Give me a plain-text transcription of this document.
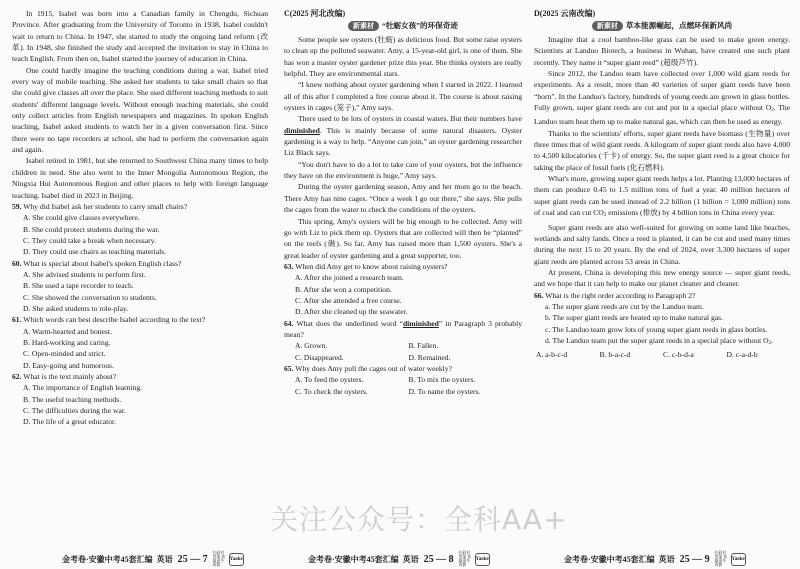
In 1915, Isabel was born into a Canadian family in Chengdu, Sichuan Province. After graduating from the University of Toronto in 1938, Isabel couldn't wait to return to China. In 1947, she started to study the ongoing land reform (改革). In 1948, she finished the study and accepted the invitation to stay in China to teach English. From then on, Isabel started the journey of education in China.

One could hardly imagine the teaching conditions during a war. Isabel tried every way of mobile teaching. She asked her students to take small chairs so that she could give classes all over the place. She used different teaching methods to suit students' different language levels. Without enough teaching materials, she could only collect articles from English newspapers and magazines. In spoken English teaching, Isabel asked students to watch her in a given conversation first. Since there were no tape recorders at school, she had to perform the conversation again and again.

Isabel retired in 1981, but she returned to Southwest China many times to help children in need. She also went to the Inner Mongolia Autonomous Region, the Ningxia Hui Autonomous Region and other places to help with foreign language teaching. Isabel died in 2023 in Beijing.

59. Why did Isabel ask her students to carry small chairs?

A. She could give classes everywhere.

B. She could protect students during the war.

C. They could take a break when necessary.

D. They could use chairs as teaching materials.

60. What is special about Isabel's spoken English class?

A. She advised students to perform first.

B. She used a tape recorder to teach.

C. She showed the conversation to students.

D. She asked students to role-play.

61. Which words can best describe Isabel according to the text?

A. Warm-hearted and honest.

B. Hard-working and caring.

C. Open-minded and strict.

D. Easy-going and humorous.

62. What is the text mainly about?

A. The importance of English learning.

B. The useful teaching methods.

C. The difficulties during the war.

D. The life of a great educator.

C(2025 河北改编)

新素材	“牡蛎女孩”的环保奇迹

Some people see oysters (牡蛎) as delicious food. But some raise oysters to clean up the polluted seawater. Amy, a 15-year-old girl, is one of them. She has won a master oyster gardener prize this year. She thinks oysters are really helpful. They are environmental stars.

“I knew nothing about oyster gardening when I started in 2022. I learned all of this after I completed a free course about it. The course is about raising oysters in cages (笼子),” Amy says.

There used to be lots of oysters in coastal waters. But their numbers have diminished. This is mainly because of some natural disasters. Oyster gardening is a way to help. “Anyone can join,” an oyster gardening researcher Liz Black says.

“You don't have to do a lot to take care of your oysters, but the influence they have on the environment is huge,” Amy says.

During the oyster gardening season, Amy and her mom go to the beach. There Amy has nine cages. “Once a week I go out there,” she says. She pulls the cages from the water to check the conditions of the oysters.

This spring, Amy's oysters will be big enough to be collected. Amy will go with Liz to pick them up. Oysters that are collected will then be “planted” on the reefs (礁). So far, Amy has raised more than 1,500 oysters. She's a great leader of oyster gardening and a great supporter, too.

63. When did Amy get to know about raising oysters?

A. After she joined a research team.

B. After she won a competition.

C. After she attended a free course.

D. After she cleaned up the seawater.

64. What does the underlined word “diminished” in Paragraph 3 probably mean?

A. Grown.	B. Fallen.
C. Disappeared.	D. Remained.

65. Why does Amy pull the cages out of water weekly?

A. To feed the oysters.	B. To mix the oysters.
C. To check the oysters.	D. To name the oysters.

D(2025 云南改编)

新素材	草本能源崛起，点燃环保新风尚

Imagine that a cool bamboo-like grass can be used to make green energy. Scientists at Landuo Biotech, a business in Wuhan, have created one such plant recently. They name it “super giant reed” (超级芦竹).

Since 2012, the Landuo team have collected over 1,000 wild giant reeds for experiments. As a result, more than 40 varieties of super giant reeds have been “born”. In the Landuo's factory, hundreds of young reeds are grown in glass bottles. Fully grown, super giant reeds are cut and put in a special place without $O_2$. The Landuo team heat them up to make natural gas, which can then be used as energy.

Thanks to the scientists' efforts, super giant reeds have biomass (生物量) over three times that of wild giant reeds. A kilogram of super giant reeds also have 4,000 to 4,500 kilocalories (千卡) of energy. So, the super giant reed is a great choice for taking the place of fossil fuels (化石燃料).

What's more, growing super giant reeds helps a lot. Planting 13,000 hectares of them can produce 0.45 to 1.5 million tons of fuel a year. 40 million hectares of super giant reeds can be used instead of 2.2 billion (1 billion = 1,000 million) tons of coal and can cut $CO_2$ emissions (排放) by 4 billion tons in China every year.

Super giant reeds are also well-suited for growing on some land like beaches, wetlands and salty lands. Once a reed is planted, it can be cut and used many times during the next 15 to 20 years. By the end of 2024, over 3,300 hectares of super giant reeds are planted across 53 areas in China.

At present, China is developing this new energy source — super giant reeds, and we hope that it can help to make our planet cleaner and cleaner.

66. What is the right order according to Paragraph 2?

a. The super giant reeds are cut by the Landuo team.

b. The super giant reeds are heated up to make natural gas.

c. The Landuo team grow lots of young super giant reeds in glass bottles.

d. The Landuo team put the super giant reeds in a special place without $O_2$.

A. a-b-c-d	B. b-a-c-d	C. c-b-d-a	D. c-a-d-b
金考卷·安徽中考45套汇编
英语
25 — 7
扫码对答案 获取更多资源
Yaoke	金考卷·安徽中考45套汇编
英语
25 — 8
扫码对答案 获取更多资源
Yaoke	金考卷·安徽中考45套汇编
英语
25 — 9
扫码对答案 获取更多资源
Yaoke
关注公众号：全科AA+
